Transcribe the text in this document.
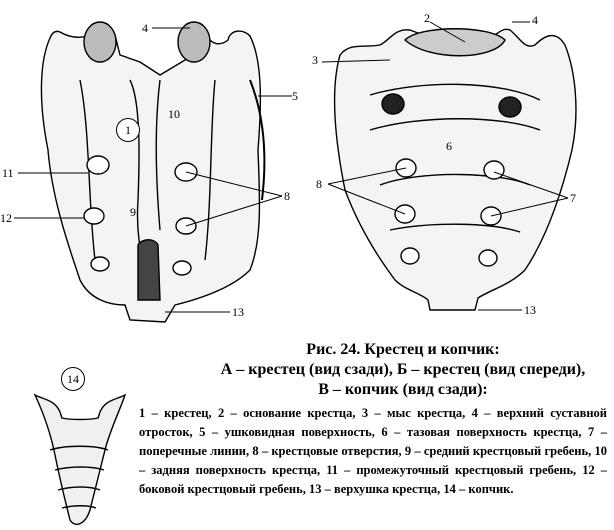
4
1
10
5
11
9
12
8
13
2	4
3
6
8
7
13
14
Рис. 24. Крестец и копчик:
А – крестец (вид сзади), Б – крестец (вид спереди),
В – копчик (вид сзади):
1 – крестец, 2 – основание крестца, 3 – мыс крестца, 4 – верхний суставной отросток, 5 – ушковидная поверхность, 6 – тазовая поверхность крестца, 7 – поперечные линии, 8 – крестцовые отверстия, 9 – средний крестцовый гребень, 10 – задняя поверхность крестца, 11 – промежуточный крестцовый гребень, 12 – боковой крестцовый гребень, 13 – верхушка крестца, 14 – копчик.
